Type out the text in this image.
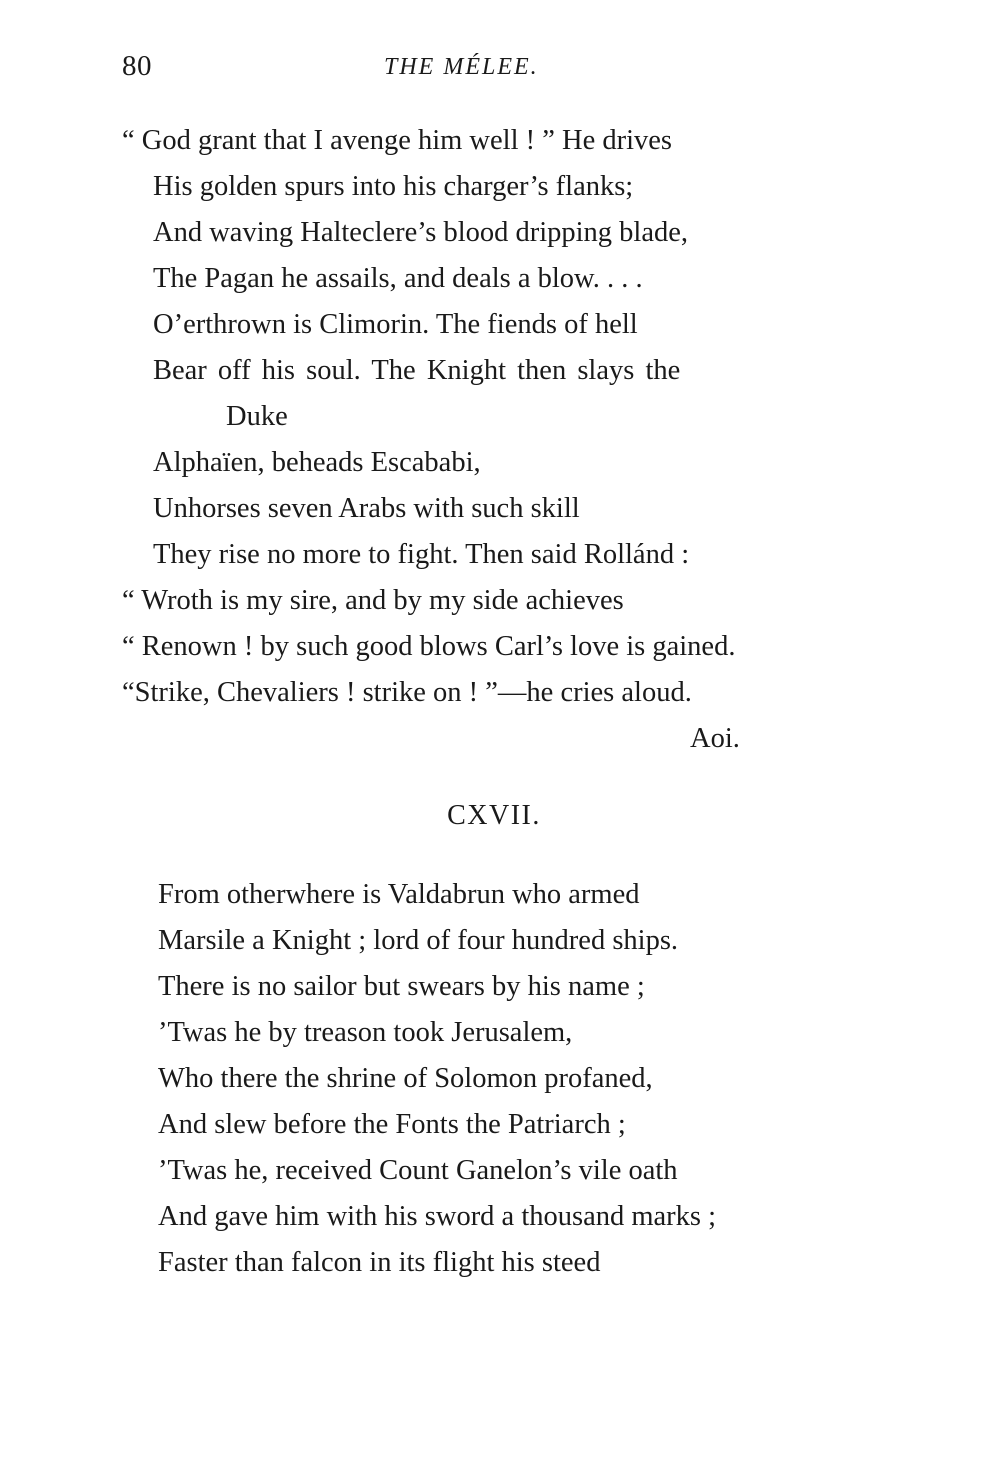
80	THE MÉLEE.
“ God grant that I avenge him well ! ” He drives
His golden spurs into his charger’s flanks;
And waving Halteclere’s blood dripping blade,
The Pagan he assails, and deals a blow. . . .
O’erthrown is Climorin. The fiends of hell
Bear off his soul. The Knight then slays the
Duke
Alphaïen, beheads Escababi,
Unhorses seven Arabs with such skill
They rise no more to fight. Then said Rollánd :
“ Wroth is my sire, and by my side achieves
“ Renown ! by such good blows Carl’s love is gained.
“Strike, Chevaliers ! strike on ! ”—he cries aloud.
Aoi.
CXVII.
From otherwhere is Valdabrun who armed
Marsile a Knight ; lord of four hundred ships.
There is no sailor but swears by his name ;
’Twas he by treason took Jerusalem,
Who there the shrine of Solomon profaned,
And slew before the Fonts the Patriarch ;
’Twas he, received Count Ganelon’s vile oath
And gave him with his sword a thousand marks ;
Faster than falcon in its flight his steed
